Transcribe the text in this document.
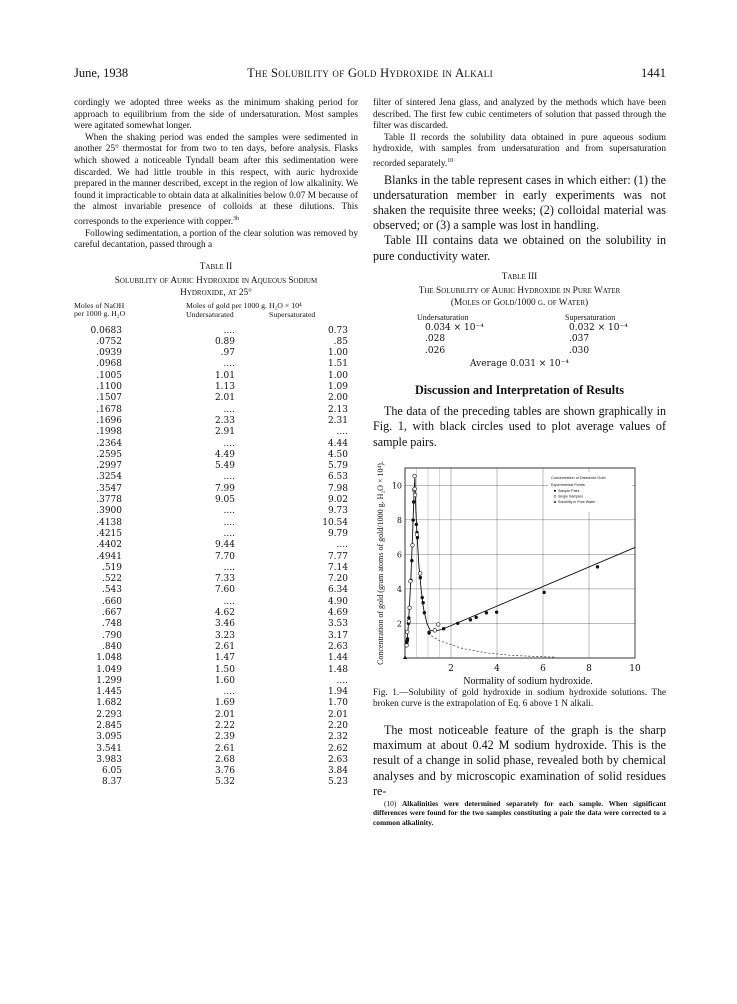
June, 1938	The Solubility of Gold Hydroxide in Alkali	1441

cordingly we adopted three weeks as the minimum shaking period for approach to equilibrium from the side of undersaturation. Most samples were agitated somewhat longer.

When the shaking period was ended the samples were sedimented in another 25° thermostat for from two to ten days, before analysis. Flasks which showed a noticeable Tyndall beam after this sedimentation were discarded. We had little trouble in this respect, with auric hydroxide prepared in the manner described, except in the region of low alkalinity. We found it impracticable to obtain data at alkalinities below 0.07 M because of the almost invariable presence of colloids at these dilutions. This corresponds to the experience with copper.$^{3b}$

Following sedimentation, a portion of the clear solution was removed by careful decantation, passed through a

Table II
Solubility of Auric Hydroxide in Aqueous Sodium
Hydroxide, at 25°
Moles of NaOH
per 1000 g. H₂O
Moles of gold per 1000 g. H₂O × 10⁴
Undersaturated	Supersaturated
0.0683	....	0.73
.0752	0.89	.85
.0939	.97	1.00
.0968	....	1.51
.1005	1.01	1.00
.1100	1.13	1.09
.1507	2.01	2.00
.1678	....	2.13
.1696	2.33	2.31
.1998	2.91	....
.2364	....	4.44
.2595	4.49	4.50
.2997	5.49	5.79
.3254	....	6.53
.3547	7.99	7.98
.3778	9.05	9.02
.3900	....	9.73
.4138	....	10.54
.4215	....	9.79
.4402	9.44	....
.4941	7.70	7.77
.519	....	7.14
.522	7.33	7.20
.543	7.60	6.34
.660	....	4.90
.667	4.62	4.69
.748	3.46	3.53
.790	3.23	3.17
.840	2.61	2.63
1.048	1.47	1.44
1.049	1.50	1.48
1.299	1.60	....
1.445	....	1.94
1.682	1.69	1.70
2.293	2.01	2.01
2.845	2.22	2.20
3.095	2.39	2.32
3.541	2.61	2.62
3.983	2.68	2.63
6.05	3.76	3.84
8.37	5.32	5.23

filter of sintered Jena glass, and analyzed by the methods which have been described. The first few cubic centimeters of solution that passed through the filter was discarded.

Table II records the solubility data obtained in pure aqueous sodium hydroxide, with samples from undersaturation and from supersaturation recorded separately.$^{10}$

Blanks in the table represent cases in which either: (1) the undersaturation member in early experiments was not shaken the requisite three weeks; (2) colloidal material was observed; or (3) a sample was lost in handling.

Table III contains data we obtained on the solubility in pure conductivity water.

Table III
The Solubility of Auric Hydroxide in Pure Water
(Moles of Gold/1000 g. of Water)
Undersaturation	Supersaturation
0.034 × 10⁻⁴	0.032 × 10⁻⁴
.028	.037
.026	.030
Average 0.031 × 10⁻⁴
Discussion and Interpretation of Results

The data of the preceding tables are shown graphically in Fig. 1, with black circles used to plot average values of sample pairs.

2	4	6	8	10
2
4
6
8
10
Concentration of Dissolved Gold
Experimental Points
Sample Pairs
Single Samples
Solubility in Pure Water
Normality of sodium hydroxide.
Concentration of gold (gram atoms of gold/1000 g. H₂O × 10⁴).

Fig. 1.—Solubility of gold hydroxide in sodium hydroxide solutions. The broken curve is the extrapolation of Eq. 6 above 1 N alkali.

The most noticeable feature of the graph is the sharp maximum at about 0.42 M sodium hydroxide. This is the result of a change in solid phase, revealed both by chemical analyses and by microscopic examination of solid residues re-

(10) Alkalinities were determined separately for each sample. When significant differences were found for the two samples constituting a pair the data were corrected to a common alkalinity.
